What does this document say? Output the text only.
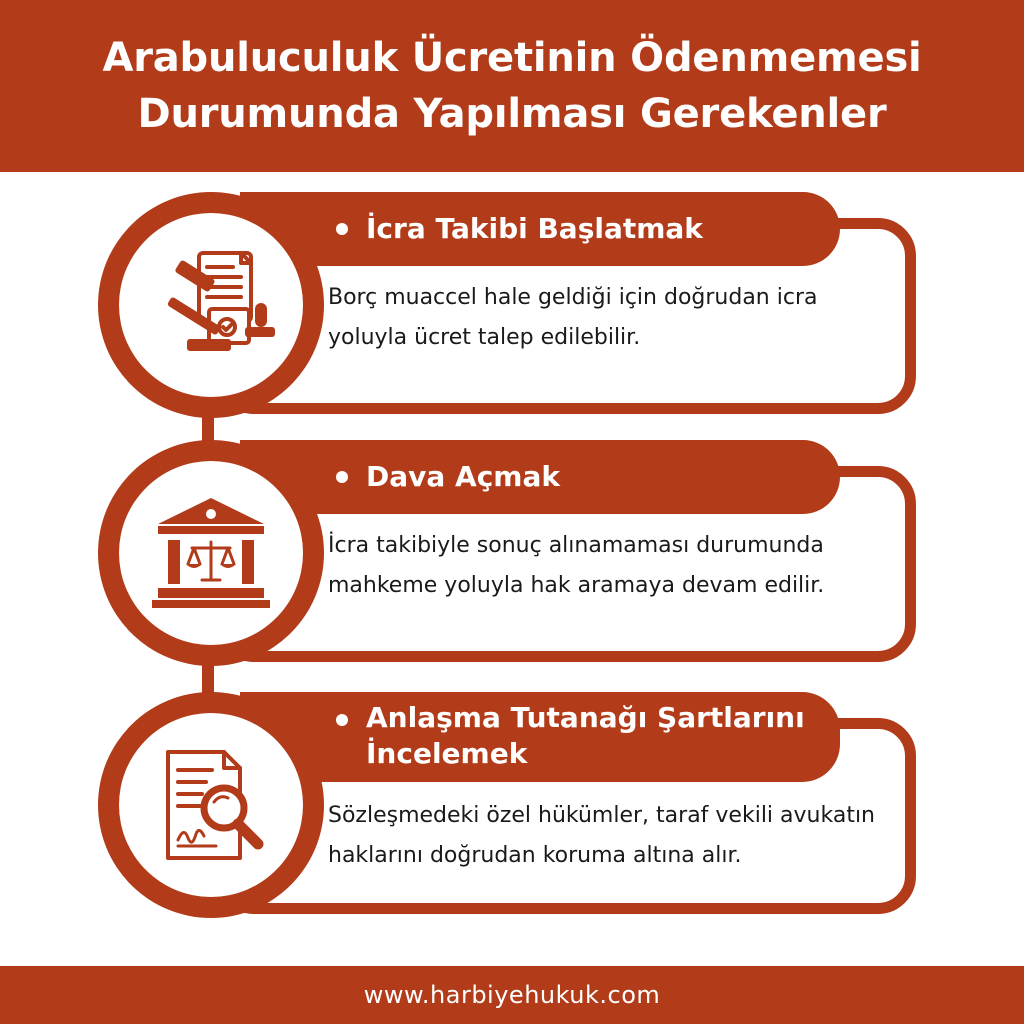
Arabuluculuk Ücretinin Ödenmemesi
Durumunda Yapılması Gerekenler
İcra Takibi Başlatmak
Borç muaccel hale geldiği için doğrudan icra yoluyla ücret talep edilebilir.
Dava Açmak
İcra takibiyle sonuç alınamaması durumunda mahkeme yoluyla hak aramaya devam edilir.
Anlaşma Tutanağı Şartlarını İncelemek
Sözleşmedeki özel hükümler, taraf vekili avukatın haklarını doğrudan koruma altına alır.
www.harbiyehukuk.com
